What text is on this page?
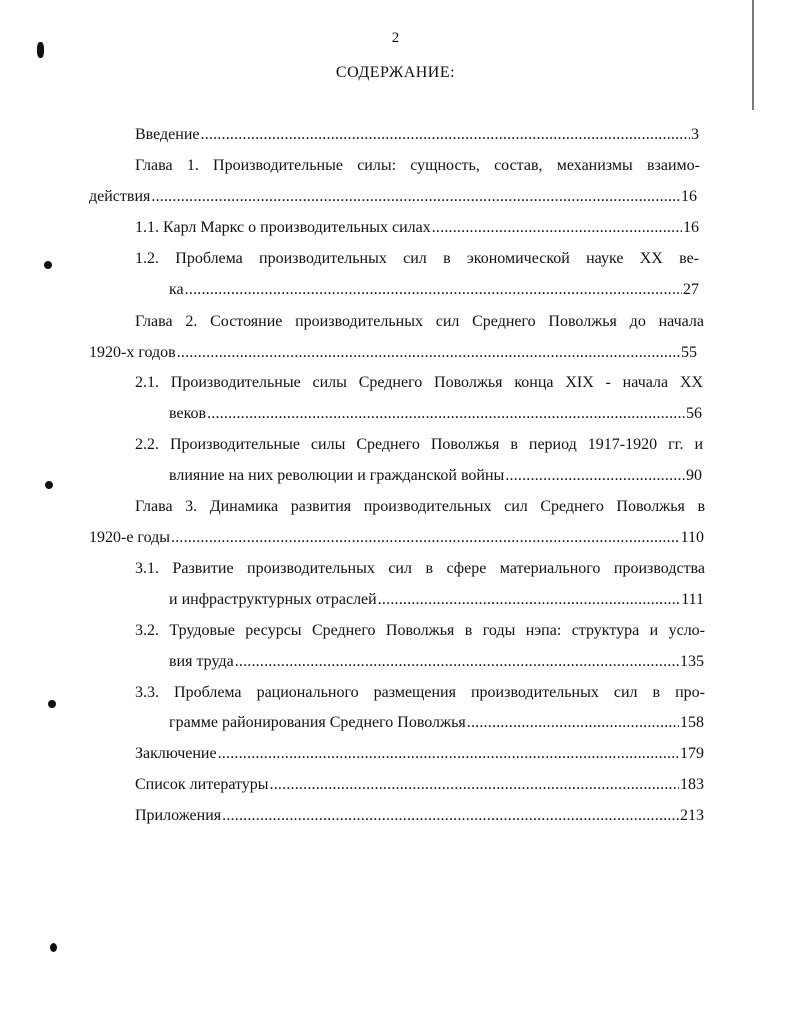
2
СОДЕРЖАНИЕ:
Введение .....	3
Глава 1. Производительные силы: сущность, состав, механизмы взаимо-
действия .....	16
1.1. Карл Маркс о производительных силах .....	16
1.2. Проблема производительных сил в экономической науке XX ве-
ка .....	27
Глава 2. Состояние производительных сил Среднего Поволжья до начала
1920-х годов .....	55
2.1. Производительные силы Среднего Поволжья конца XIX - начала XX
веков .....	56
2.2. Производительные силы Среднего Поволжья в период 1917-1920 гг. и
влияние на них революции и гражданской войны .....	90
Глава 3. Динамика развития производительных сил Среднего Поволжья в
1920-е годы .....	110
3.1. Развитие производительных сил в сфере материального производства
и инфраструктурных отраслей .....	111
3.2. Трудовые ресурсы Среднего Поволжья в годы нэпа: структура и усло-
вия труда .....	135
3.3. Проблема рационального размещения производительных сил в про-
грамме районирования Среднего Поволжья .....	158
Заключение .....	179
Список литературы .....	183
Приложения .....	213
